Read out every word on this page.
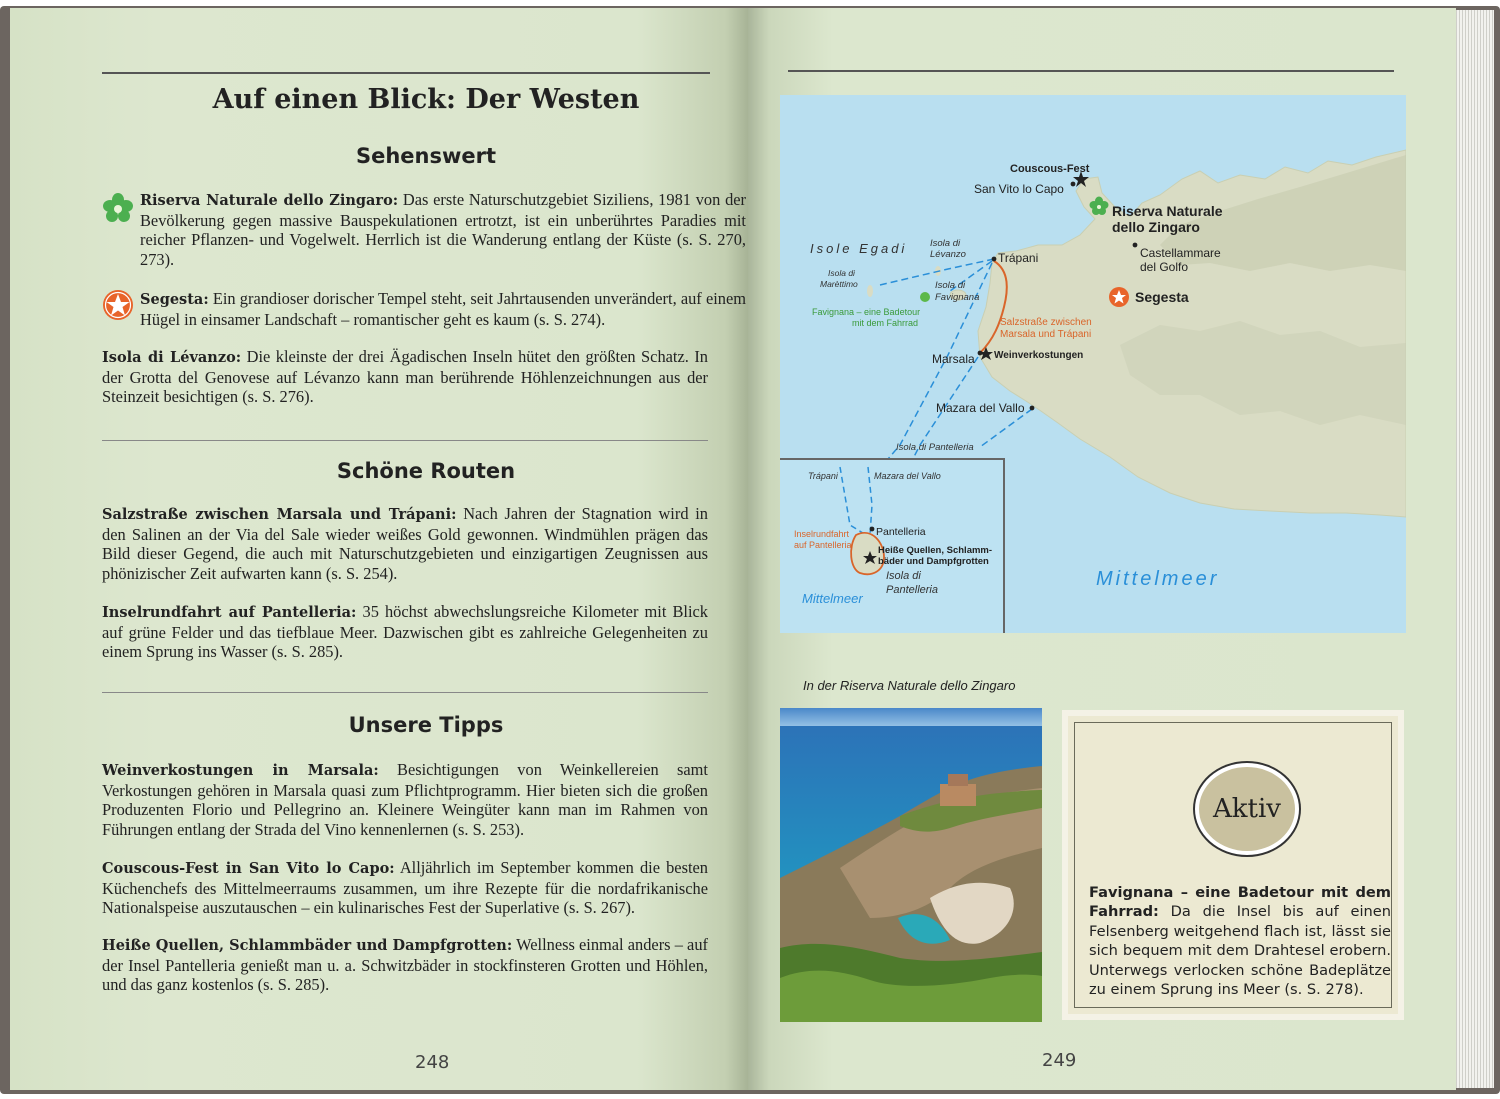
Auf einen Blick: Der Westen
Sehenswert
Riserva Naturale dello Zingaro: Das erste Naturschutzgebiet Siziliens, 1981 von der Bevölkerung gegen massive Bauspekulationen ertrotzt, ist ein unberührtes Paradies mit reicher Pflanzen- und Vogelwelt. Herrlich ist die Wanderung entlang der Küste (s. S. 270, 273).
Segesta: Ein grandioser dorischer Tempel steht, seit Jahrtausenden unverändert, auf einem Hügel in einsamer Landschaft – romantischer geht es kaum (s. S. 274).
Isola di Lévanzo: Die kleinste der drei Ägadischen Inseln hütet den größten Schatz. In der Grotta del Genovese auf Lévanzo kann man berührende Höhlenzeichnungen aus der Steinzeit besichtigen (s. S. 276).
Schöne Routen
Salzstraße zwischen Marsala und Trápani: Nach Jahren der Stagnation wird in den Salinen an der Via del Sale wieder weißes Gold gewonnen. Windmühlen prägen das Bild dieser Gegend, die auch mit Naturschutzgebieten und einzigartigen Zeugnissen aus phönizischer Zeit aufwarten kann (s. S. 254).
Inselrundfahrt auf Pantelleria: 35 höchst abwechslungsreiche Kilometer mit Blick auf grüne Felder und das tiefblaue Meer. Dazwischen gibt es zahlreiche Gelegenheiten zu einem Sprung ins Wasser (s. S. 285).
Unsere Tipps
Weinverkostungen in Marsala: Besichtigungen von Weinkellereien samt Verkostungen gehören in Marsala quasi zum Pflichtprogramm. Hier bieten sich die großen Produzenten Florio und Pellegrino an. Kleinere Weingüter kann man im Rahmen von Führungen entlang der Strada del Vino kennenlernen (s. S. 253).
Couscous-Fest in San Vito lo Capo: Alljährlich im September kommen die besten Küchenchefs des Mittelmeerraums zusammen, um ihre Rezepte für die nordafrikanische Nationalspeise auszutauschen – ein kulinarisches Fest der Superlative (s. S. 267).
Heiße Quellen, Schlammbäder und Dampfgrotten: Wellness einmal anders – auf der Insel Pantelleria genießt man u. a. Schwitzbäder in stockfinsteren Grotten und Höhlen, und das ganz kostenlos (s. S. 285).
248
Couscous-Fest
San Vito lo Capo
Riserva Naturale
dello Zingaro
Castellammare
del Golfo
Isole Egadi Isola di
Lévanzo
Isola di
Marèttimo	Isola di
Favignana
Trápani
Segesta
Favignana – eine Badetour
mit dem Fahrrad	Salzstraße zwischen
Marsala und Trápani
Marsala Weinverkostungen
Mazara del Vallo
Isola di Pantelleria
Mittelmeer
Trápani	Mazara del Vallo
Pantelleria
Inselrundfahrt
auf Pantelleria	Heiße Quellen, Schlamm-
bäder und Dampfgrotten
Isola di
Pantelleria
Mittelmeer
In der Riserva Naturale dello Zingaro
Aktiv
Favignana – eine Badetour mit dem Fahrrad: Da die Insel bis auf einen Felsenberg weitgehend flach ist, lässt sie sich bequem mit dem Drahtesel erobern. Unterwegs verlocken schöne Badeplätze zu einem Sprung ins Meer (s. S. 278).
249
